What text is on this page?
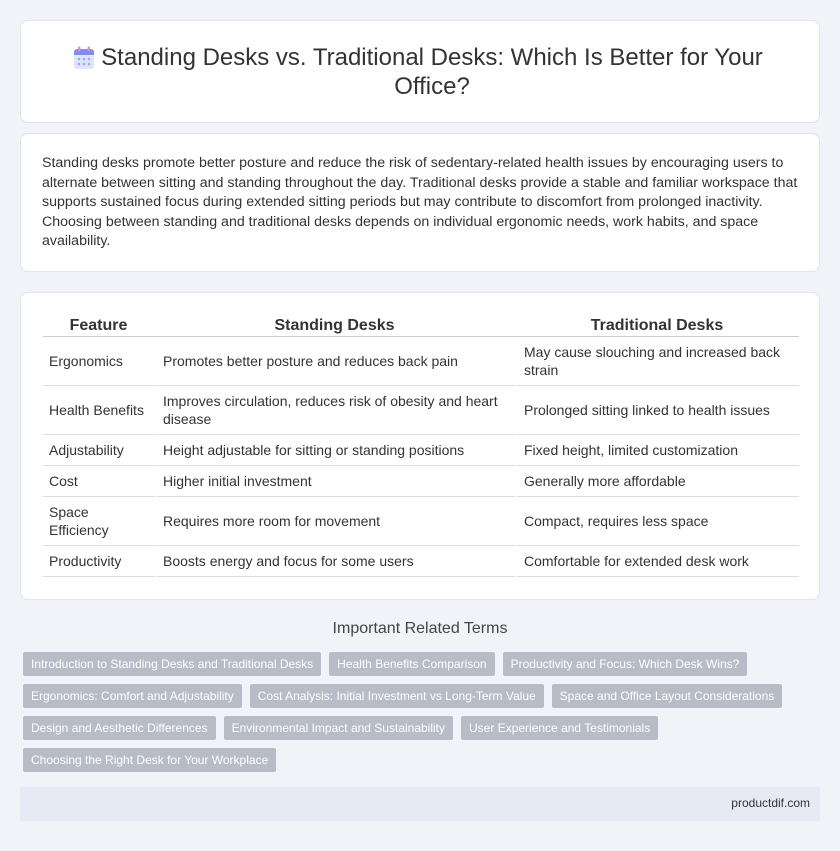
Standing Desks vs. Traditional Desks: Which Is Better for Your Office?

Standing desks promote better posture and reduce the risk of sedentary-related health issues by encouraging users to alternate between sitting and standing throughout the day. Traditional desks provide a stable and familiar workspace that supports sustained focus during extended sitting periods but may contribute to discomfort from prolonged inactivity. Choosing between standing and traditional desks depends on individual ergonomic needs, work habits, and space availability.

Feature	Standing Desks	Traditional Desks
Ergonomics	Promotes better posture and reduces back pain	May cause slouching and increased back strain
Health Benefits	Improves circulation, reduces risk of obesity and heart disease	Prolonged sitting linked to health issues
Adjustability	Height adjustable for sitting or standing positions	Fixed height, limited customization
Cost	Higher initial investment	Generally more affordable
Space Efficiency	Requires more room for movement	Compact, requires less space
Productivity	Boosts energy and focus for some users	Comfortable for extended desk work
Important Related Terms
Introduction to Standing Desks and Traditional Desks	Health Benefits Comparison	Productivity and Focus: Which Desk Wins?
Ergonomics: Comfort and Adjustability	Cost Analysis: Initial Investment vs Long-Term Value	Space and Office Layout Considerations
Design and Aesthetic Differences	Environmental Impact and Sustainability	User Experience and Testimonials
Choosing the Right Desk for Your Workplace
productdif.com
